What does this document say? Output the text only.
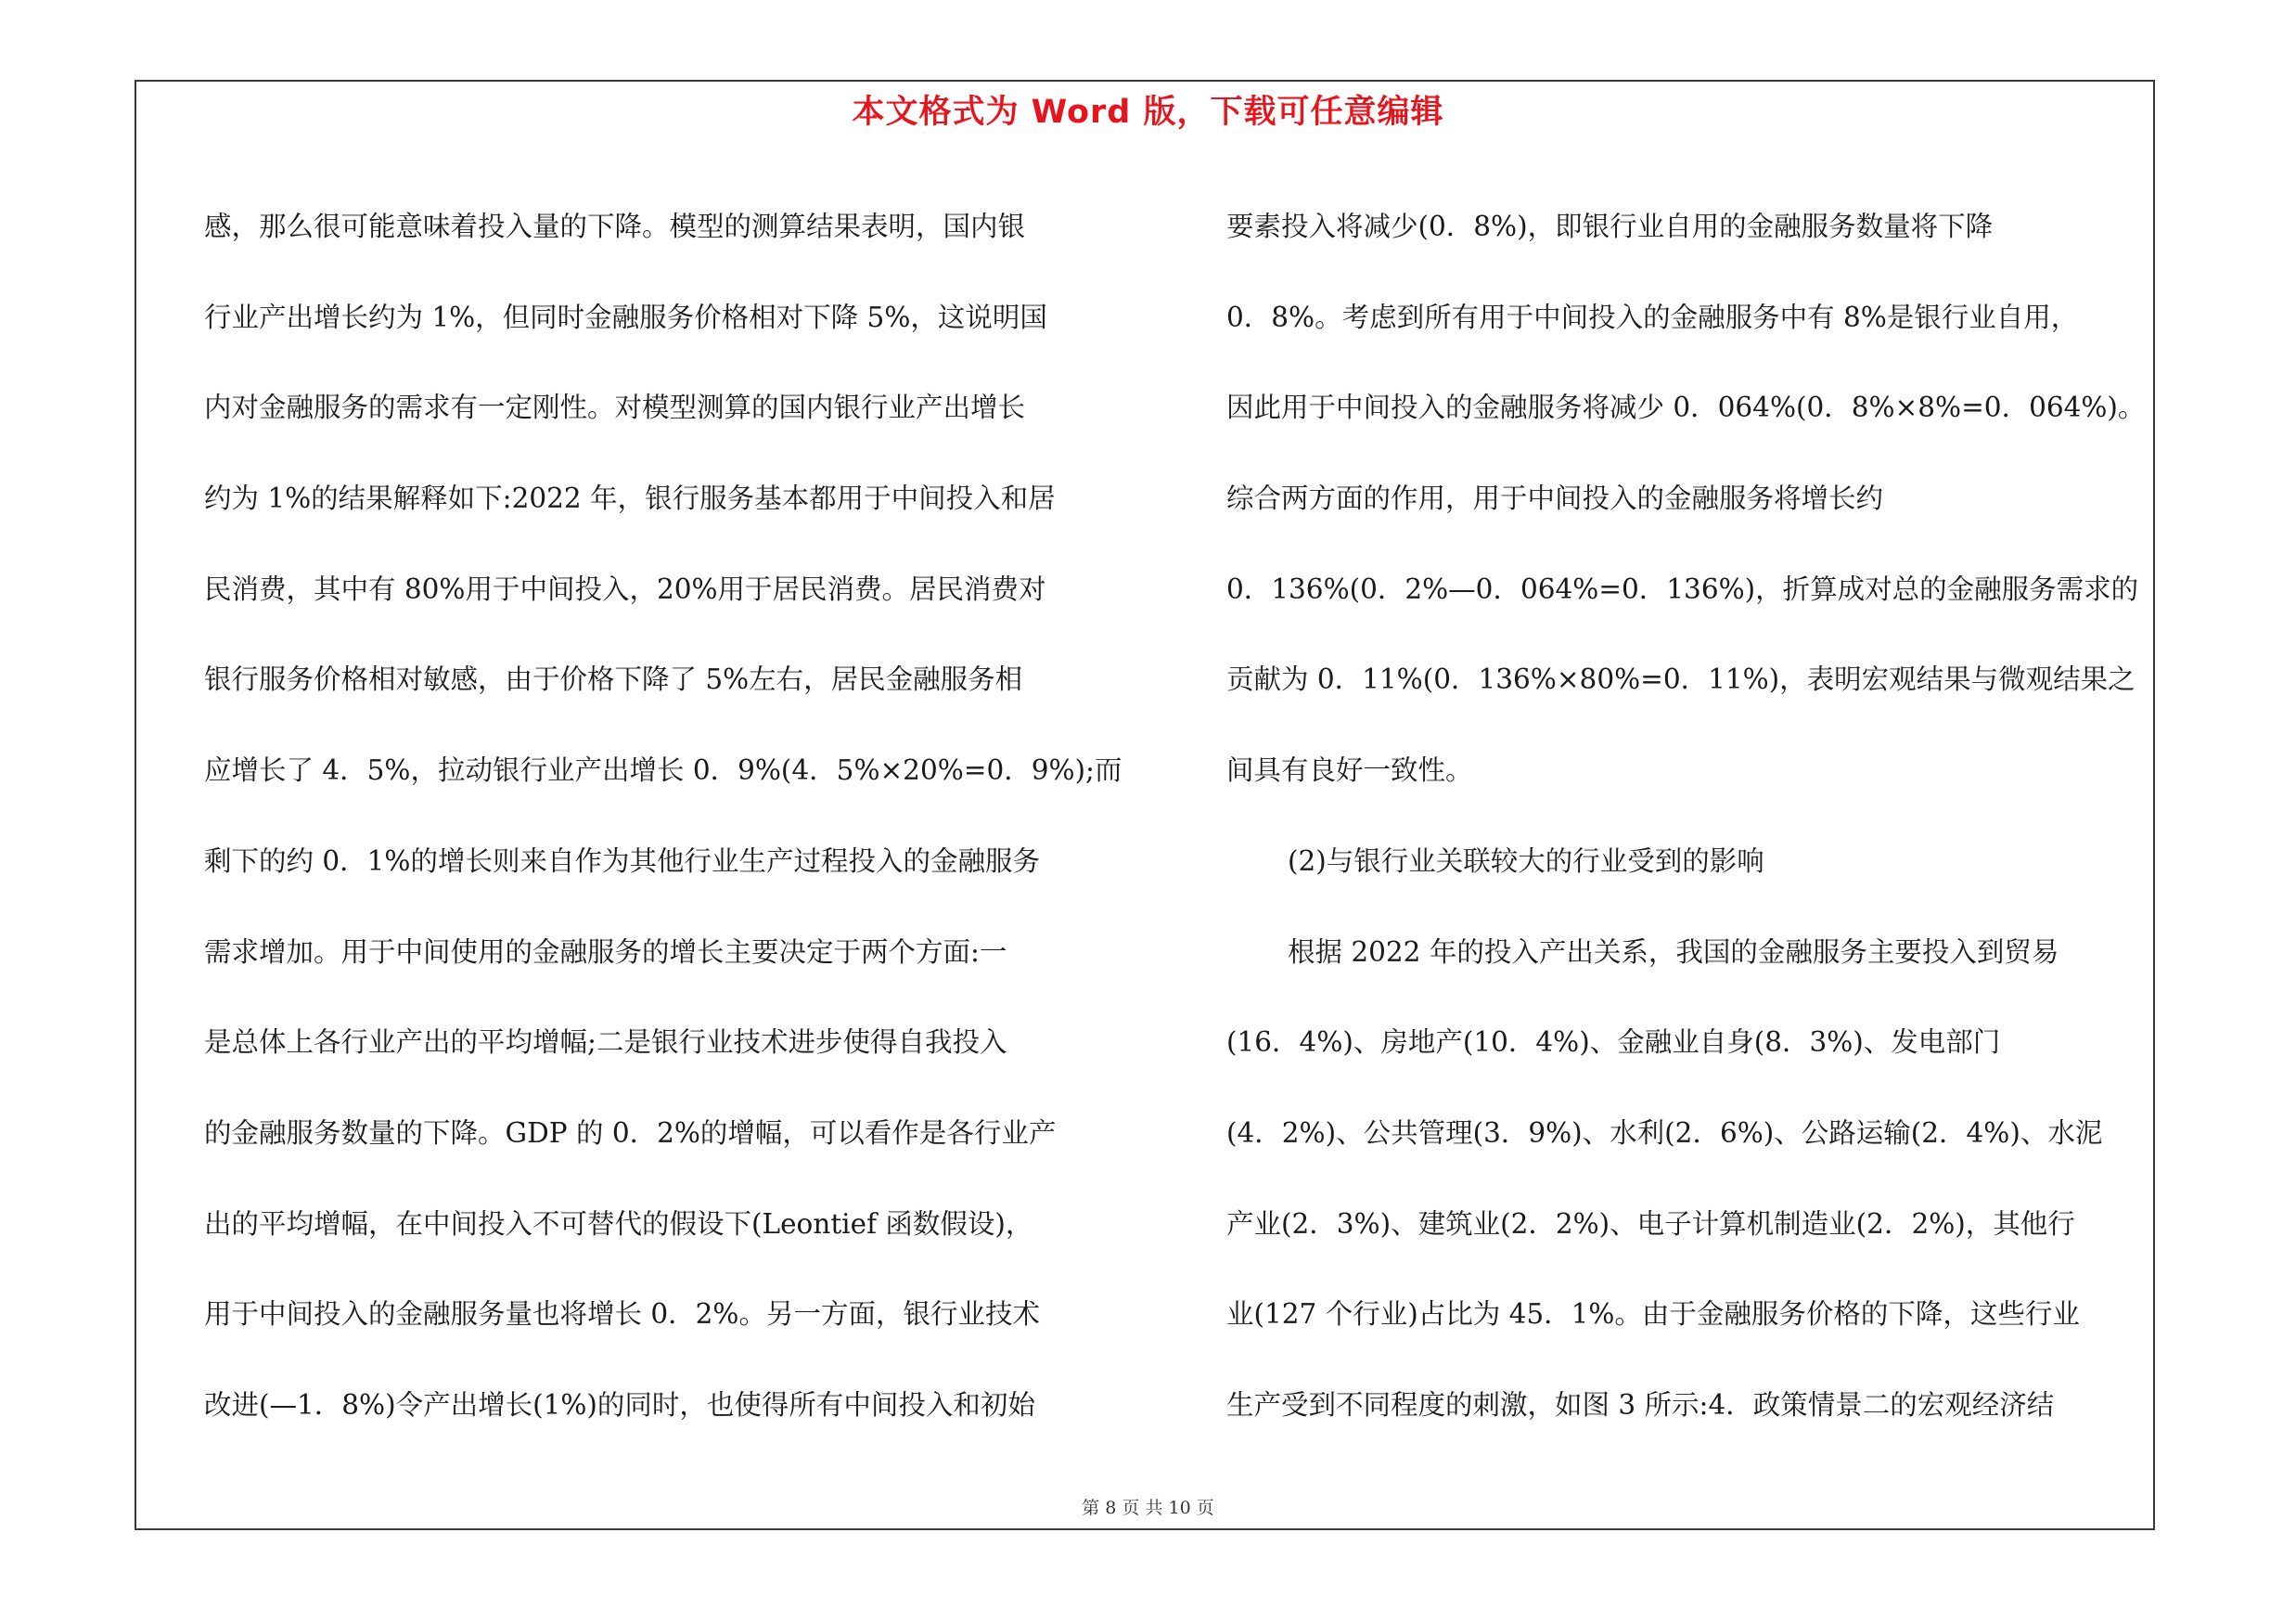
本文格式为 Word 版，下载可任意编辑
感，那么很可能意味着投入量的下降。模型的测算结果表明，国内银
行业产出增长约为 1%，但同时金融服务价格相对下降 5%，这说明国
内对金融服务的需求有一定刚性。对模型测算的国内银行业产出增长
约为 1%的结果解释如下:2022 年，银行服务基本都用于中间投入和居
民消费，其中有 80%用于中间投入，20%用于居民消费。居民消费对
银行服务价格相对敏感，由于价格下降了 5%左右，居民金融服务相
应增长了 4．5%，拉动银行业产出增长 0．9%(4．5%×20%=0．9%);而
剩下的约 0．1%的增长则来自作为其他行业生产过程投入的金融服务
需求增加。用于中间使用的金融服务的增长主要决定于两个方面:一
是总体上各行业产出的平均增幅;二是银行业技术进步使得自我投入
的金融服务数量的下降。GDP 的 0．2%的增幅，可以看作是各行业产
出的平均增幅，在中间投入不可替代的假设下(Leontief 函数假设)，
用于中间投入的金融服务量也将增长 0．2%。另一方面，银行业技术
改进(—1．8%)令产出增长(1%)的同时，也使得所有中间投入和初始
要素投入将减少(0．8%)，即银行业自用的金融服务数量将下降
0．8%。考虑到所有用于中间投入的金融服务中有 8%是银行业自用，
因此用于中间投入的金融服务将减少 0．064%(0．8%×8%=0．064%)。
综合两方面的作用，用于中间投入的金融服务将增长约
0．136%(0．2%—0．064%=0．136%)，折算成对总的金融服务需求的
贡献为 0．11%(0．136%×80%=0．11%)，表明宏观结果与微观结果之
间具有良好一致性。
(2)与银行业关联较大的行业受到的影响
根据 2022 年的投入产出关系，我国的金融服务主要投入到贸易
(16．4%)、房地产(10．4%)、金融业自身(8．3%)、发电部门
(4．2%)、公共管理(3．9%)、水利(2．6%)、公路运输(2．4%)、水泥
产业(2．3%)、建筑业(2．2%)、电子计算机制造业(2．2%)，其他行
业(127 个行业)占比为 45．1%。由于金融服务价格的下降，这些行业
生产受到不同程度的刺激，如图 3 所示:4．政策情景二的宏观经济结
第 8 页 共 10 页
